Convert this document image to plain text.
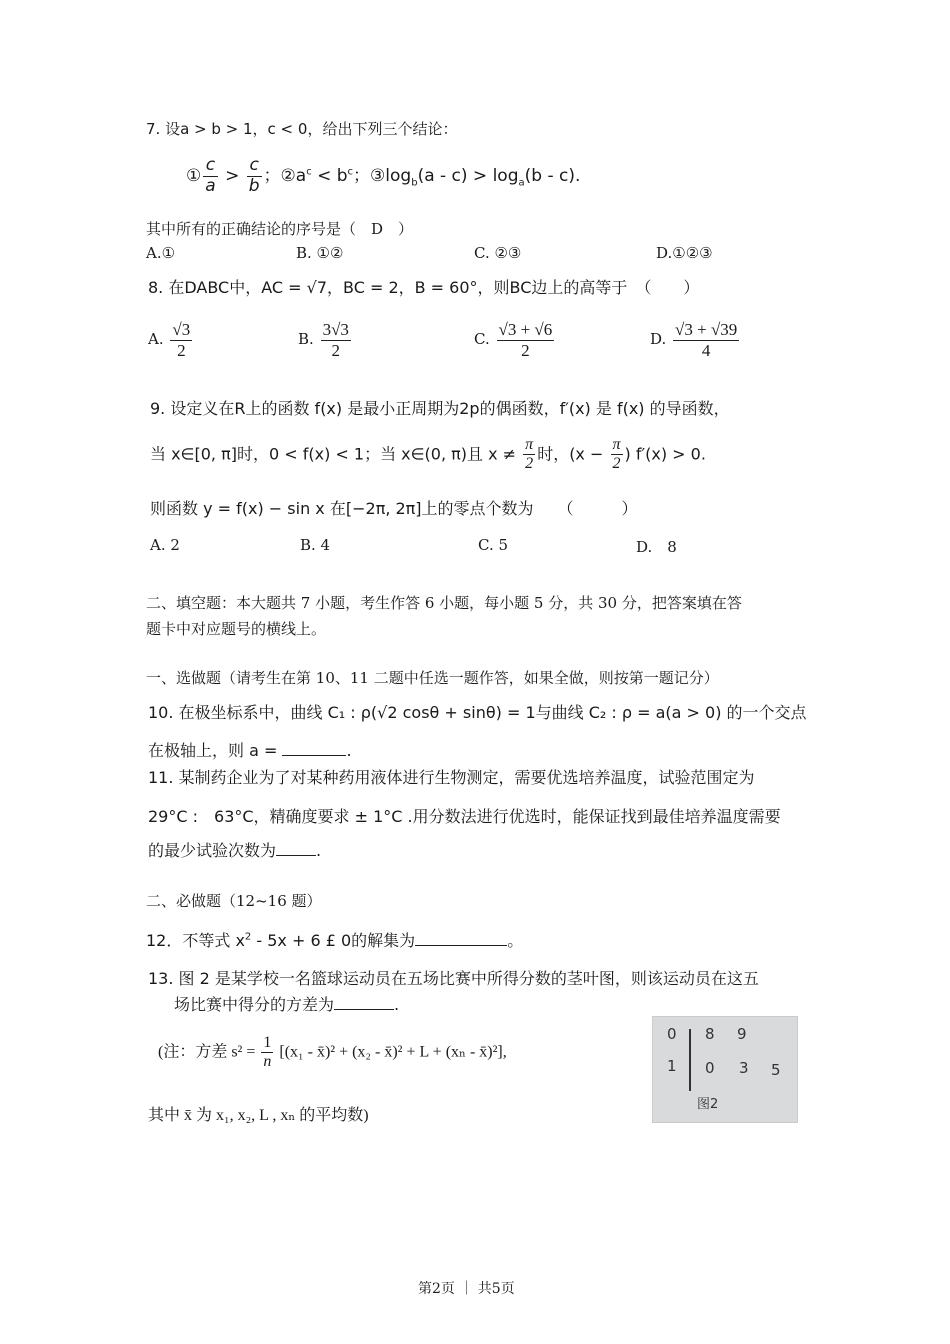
7. 设a > b > 1，c < 0，给出下列三个结论：
① $\frac{c}{a} > \frac{c}{b}$ ；$②a^c < b^c$；$③\log_b(a - c) > \log_a(b - c)$.
其中所有的正确结论的序号是（　D　）
A.①	B. ①②	C. ②③	D.①②③
8. 在DABC中，AC = √7，BC = 2，B = 60°，则BC边上的高等于　（　　）
A. $\frac{√3}{2}$	B. $\frac{3√3}{2}$	C. $\frac{√3 + √6}{2}$	D. $\frac{√3 + √39}{4}$
9. 设定义在R上的函数 f(x) 是最小正周期为2p的偶函数，f′(x) 是 f(x) 的导函数，
当 x∈[0, π]时，0 < f(x) < 1；当 x∈(0, π)且 $x \ne \frac{\pi}{2}$ 时，($x - \frac{\pi}{2}$ ) f′(x) > 0.
则函数 y = f(x) − sin x 在[−2π, 2π]上的零点个数为　　（　　　）
A. 2	B. 4	C. 5	D.　8
二、填空题：本大题共 7 小题，考生作答 6 小题，每小题 5 分，共 30 分，把答案填在答
题卡中对应题号的横线上。
一、选做题（请考生在第 10、11 二题中任选一题作答，如果全做，则按第一题记分）
10. 在极坐标系中，曲线 C₁ : ρ(√2 cosθ + sinθ) = 1与曲线 C₂ : ρ = a(a > 0) 的一个交点
在极轴上，则 a =	.
11. 某制药企业为了对某种药用液体进行生物测定，需要优选培养温度，试验范围定为
29°C :　63°C，精确度要求 ± 1°C .用分数法进行优选时，能保证找到最佳培养温度需要
的最少试验次数为	.
二、必做题（12~16 题）
12．不等式 $x^2 - 5x + 6$ £ 0的解集为	。
13. 图 2 是某学校一名篮球运动员在五场比赛中所得分数的茎叶图，则该运动员在这五
场比赛中得分的方差为	.
(注：方差 $s^2 = \frac{1}{n} [(x_1$ - x̄)² + (x₂ - x̄)² + L + (xₙ - x̄)²],
其中 x̄ 为 x₁, x₂, L , xₙ 的平均数)
0 8 9
1 0 3 5
图2
第2页 ｜ 共5页
